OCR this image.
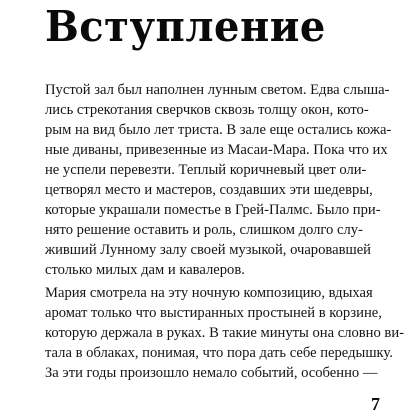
Вступление
Пустой зал был наполнен лунным светом. Едва слыша-
лись стрекотания сверчков сквозь толщу окон, кото-
рым на вид было лет триста. В зале еще остались кожа-
ные диваны, привезенные из Масаи-Мара. Пока что их
не успели перевезти. Теплый коричневый цвет оли-
цетворял место и мастеров, создавших эти шедевры,
которые украшали поместье в Грей-Палмс. Было при-
нято решение оставить и роль, слишком долго слу-
живший Лунному залу своей музыкой, очаровавшей
столько милых дам и кавалеров.
Мария смотрела на эту ночную композицию, вдыхая
аромат только что выстиранных простыней в корзине,
которую держала в руках. В такие минуты она словно ви-
тала в облаках, понимая, что пора дать себе передышку.
За эти годы произошло немало событий, особенно —
7
